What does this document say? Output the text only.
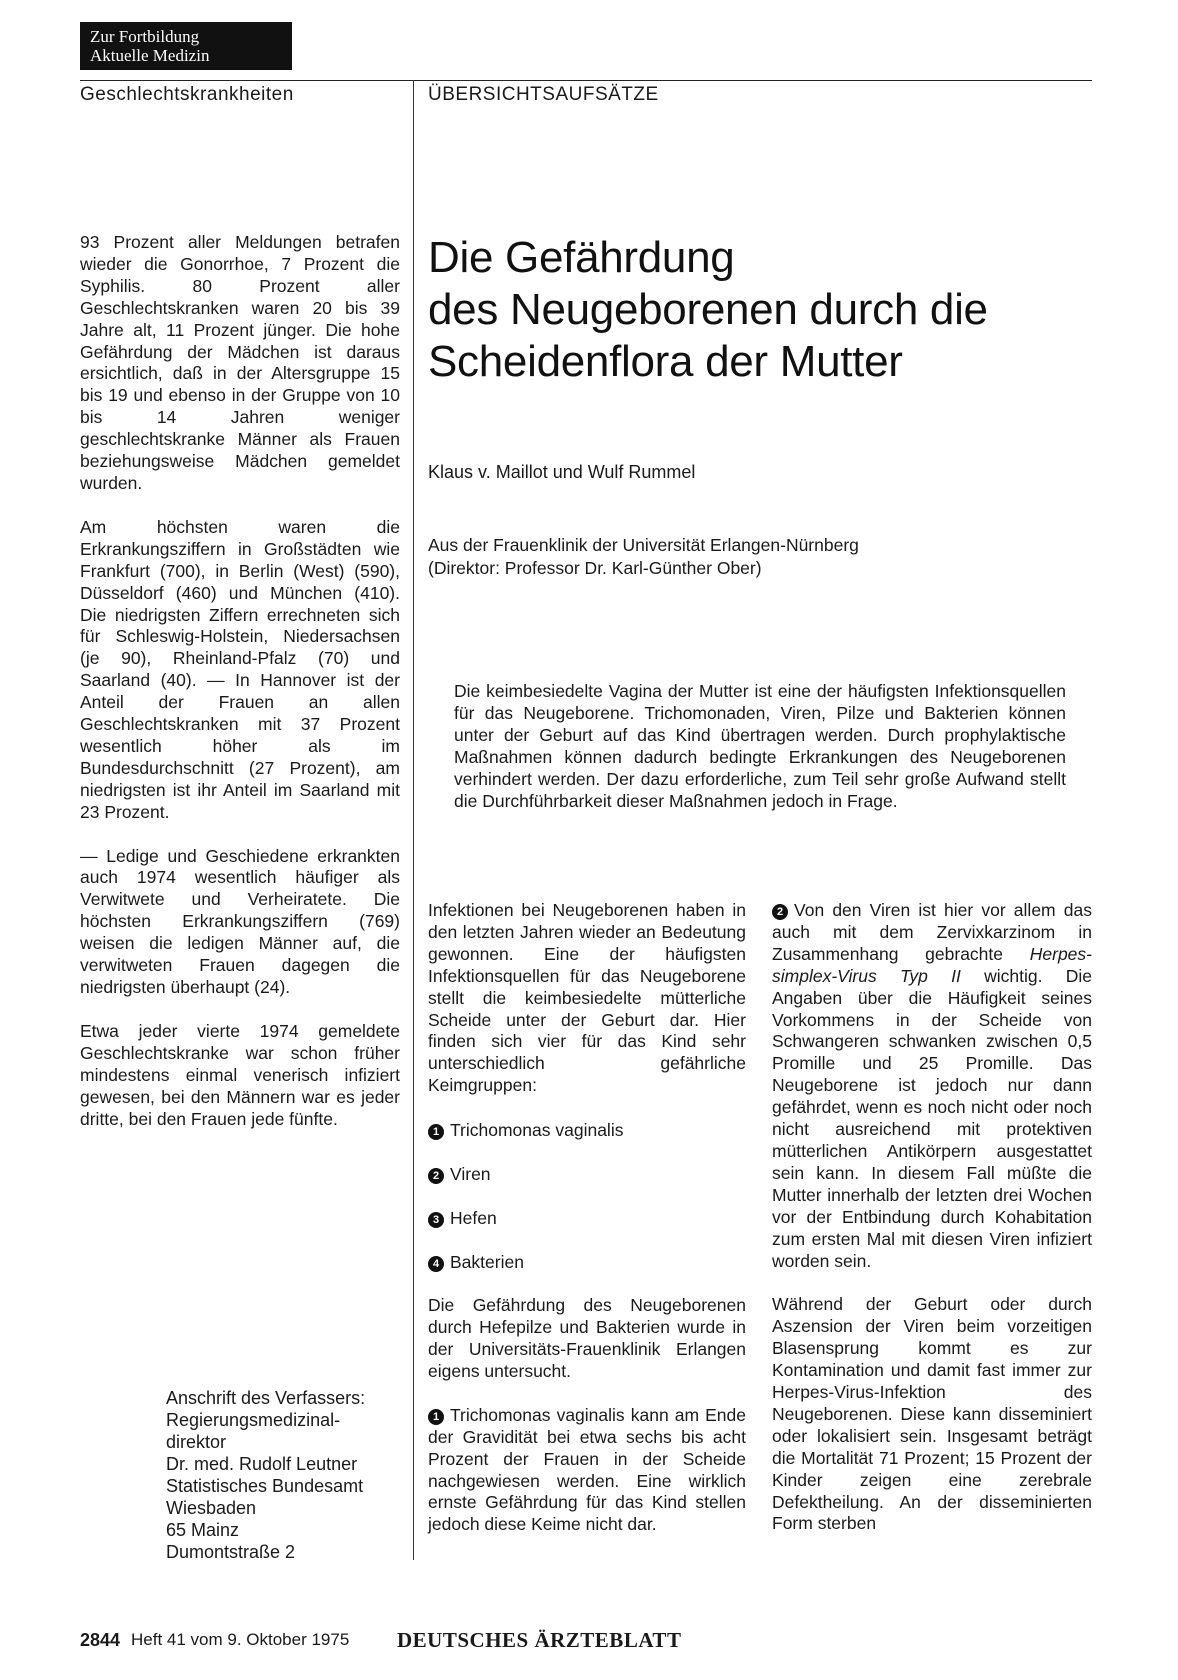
Zur Fortbildung
Aktuelle Medizin
Geschlechtskrankheiten	ÜBERSICHTSAUFSÄTZE

93 Prozent aller Meldungen betrafen wieder die Gonorrhoe, 7 Prozent die Syphilis. 80 Prozent aller Geschlechtskranken waren 20 bis 39 Jahre alt, 11 Prozent jünger. Die hohe Gefährdung der Mädchen ist daraus ersichtlich, daß in der Altersgruppe 15 bis 19 und ebenso in der Gruppe von 10 bis 14 Jahren weniger geschlechtskranke Männer als Frauen beziehungsweise Mädchen gemeldet wurden.

Am höchsten waren die Erkrankungsziffern in Großstädten wie Frankfurt (700), in Berlin (West) (590), Düsseldorf (460) und München (410). Die niedrigsten Ziffern errechneten sich für Schleswig-Holstein, Niedersachsen (je 90), Rheinland-Pfalz (70) und Saarland (40). — In Hannover ist der Anteil der Frauen an allen Geschlechtskranken mit 37 Prozent wesentlich höher als im Bundesdurchschnitt (27 Prozent), am niedrigsten ist ihr Anteil im Saarland mit 23 Prozent.

— Ledige und Geschiedene erkrankten auch 1974 wesentlich häufiger als Verwitwete und Verheiratete. Die höchsten Erkrankungsziffern (769) weisen die ledigen Männer auf, die verwitweten Frauen dagegen die niedrigsten überhaupt (24).

Etwa jeder vierte 1974 gemeldete Geschlechtskranke war schon früher mindestens einmal venerisch infiziert gewesen, bei den Männern war es jeder dritte, bei den Frauen jede fünfte.

Anschrift des Verfassers:
Regierungsmedizinal-
direktor
Dr. med. Rudolf Leutner
Statistisches Bundesamt
Wiesbaden
65 Mainz
Dumontstraße 2
Die Gefährdung
des Neugeborenen durch die
Scheidenflora der Mutter
Klaus v. Maillot und Wulf Rummel
Aus der Frauenklinik der Universität Erlangen-Nürnberg
(Direktor: Professor Dr. Karl-Günther Ober)
Die keimbesiedelte Vagina der Mutter ist eine der häufigsten Infektionsquellen für das Neugeborene. Trichomonaden, Viren, Pilze und Bakterien können unter der Geburt auf das Kind übertragen werden. Durch prophylaktische Maßnahmen können dadurch bedingte Erkrankungen des Neugeborenen verhindert werden. Der dazu erforderliche, zum Teil sehr große Aufwand stellt die Durchführbarkeit dieser Maßnahmen jedoch in Frage.

Infektionen bei Neugeborenen haben in den letzten Jahren wieder an Bedeutung gewonnen. Eine der häufigsten Infektionsquellen für das Neugeborene stellt die keimbesiedelte mütterliche Scheide unter der Geburt dar. Hier finden sich vier für das Kind sehr unterschiedlich gefährliche Keimgruppen:

1 Trichomonas vaginalis
2 Viren
3 Hefen
4 Bakterien

Die Gefährdung des Neugeborenen durch Hefepilze und Bakterien wurde in der Universitäts-Frauenklinik Erlangen eigens untersucht.

1 Trichomonas vaginalis kann am Ende der Gravidität bei etwa sechs bis acht Prozent der Frauen in der Scheide nachgewiesen werden. Eine wirklich ernste Gefährdung für das Kind stellen jedoch diese Keime nicht dar.

2 Von den Viren ist hier vor allem das auch mit dem Zervixkarzinom in Zusammenhang gebrachte Herpes-simplex-Virus Typ II wichtig. Die Angaben über die Häufigkeit seines Vorkommens in der Scheide von Schwangeren schwanken zwischen 0,5 Promille und 25 Promille. Das Neugeborene ist jedoch nur dann gefährdet, wenn es noch nicht oder noch nicht ausreichend mit protektiven mütterlichen Antikörpern ausgestattet sein kann. In diesem Fall müßte die Mutter innerhalb der letzten drei Wochen vor der Entbindung durch Kohabitation zum ersten Mal mit diesen Viren infiziert worden sein.

Während der Geburt oder durch Aszension der Viren beim vorzeitigen Blasensprung kommt es zur Kontamination und damit fast immer zur Herpes-Virus-Infektion des Neugeborenen. Diese kann disseminiert oder lokalisiert sein. Insgesamt beträgt die Mortalität 71 Prozent; 15 Prozent der Kinder zeigen eine zerebrale Defektheilung. An der disseminierten Form sterben

2844 Heft 41 vom 9. Oktober 1975 DEUTSCHES ÄRZTEBLATT
